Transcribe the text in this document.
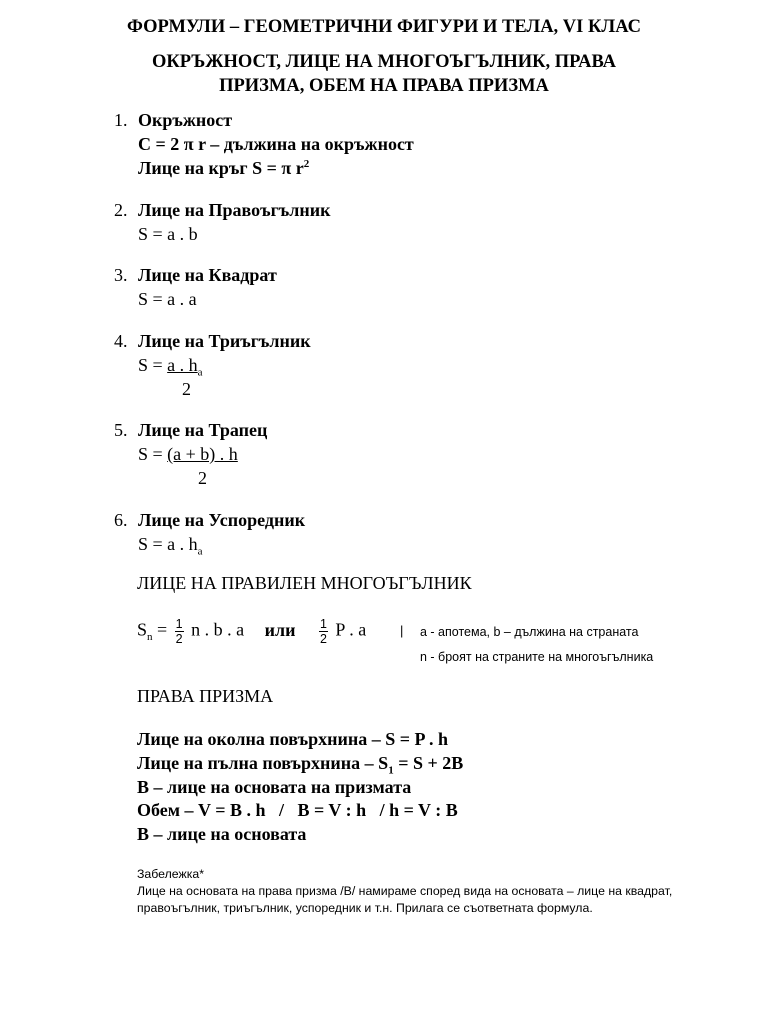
ФОРМУЛИ – ГЕОМЕТРИЧНИ ФИГУРИ И ТЕЛА, VI КЛАС
ОКРЪЖНОСТ, ЛИЦЕ НА МНОГОЪГЪЛНИК, ПРАВА
ПРИЗМА, ОБЕМ НА ПРАВА ПРИЗМА
1. Окръжност
C = 2 π r – дължина на окръжност
Лице на кръг S = π $r^2$
2. Лице на Правоъгълник
S = a . b
3. Лице на Квадрат
S = a . a
4. Лице на Триъгълник
S = a . $h_a$
2
5. Лице на Трапец
S = (a + b) . h
2
6. Лице на Успоредник
S = a . $h_a$
ЛИЦЕ НА ПРАВИЛЕН МНОГОЪГЪЛНИК
$S_n = \frac{1}{2}$ n . b . a или $\frac{1}{2}$ P . a	| a - апотема, b – дължина на страната
n - броят на страните на многоъгълника
ПРАВА ПРИЗМА
Лице на околна повърхнина – S = P . h
Лице на пълна повърхнина – $S_1 = S + 2B$
B – лице на основата на призмата
Обем – V = B . h   /   B = V : h   / h = V : B
B – лице на основата
Забележка*
Лице на основата на права призма /В/ намираме според вида на основата – лице на квадрат, правоъгълник, триъгълник, успоредник и т.н. Прилага се съответната формула.
